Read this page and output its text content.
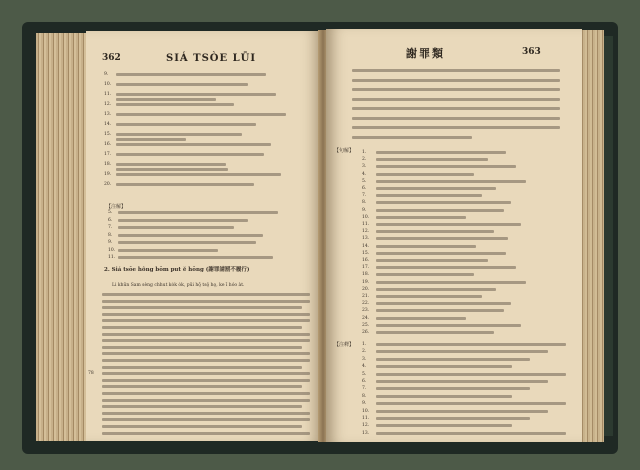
362	SIÁ TSÒE LŪI
9.
10.
11.
12.
13.
14.
15.
16.
17.
18.
19.
20.
【注解】
5.
6.
7.
8.
9.
10.
11.
2. Siá tsōe hông bōm put ĕ hōng (謝罪請罰不履行)
Li khūn Sam sèng chhut kȯk ȯk, pūi hō̤ tsŏ̤ ho̤, ke ī hóo a̍t.
78
謝罪類	363
【句解】 1.
2.
3.
4.
5.
6.
7.
8.
9.
10.
11.
12.
13.
14.
15.
16.
17.
18.
19.
20.
21.
22.
23.
24.
25.
26.
【注釋】 1.
2.
3.
4.
5.
6.
7.
8.
9.
10.
11.
12.
13.
